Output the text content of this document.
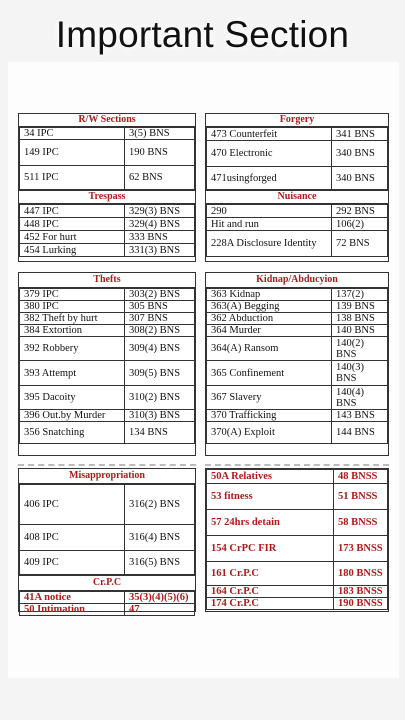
Important Section
R/W Sections
34 IPC	3(5) BNS
149 IPC	190 BNS
511 IPC	62 BNS
Trespass
447 IPC	329(3) BNS
448 IPC	329(4) BNS
452 For hurt	333 BNS
454 Lurking	331(3) BNS
Forgery
473 Counterfeit	341 BNS
470 Electronic	340 BNS
471usingforged	340 BNS
Nuisance
290	292 BNS
Hit and run	106(2)
228A Disclosure Identity	72 BNS
Thefts
379 IPC	303(2) BNS
380 IPC	305 BNS
382 Theft by hurt	307 BNS
384 Extortion	308(2) BNS
392 Robbery	309(4) BNS
393 Attempt	309(5) BNS
395 Dacoity	310(2) BNS
396 Out.by Murder	310(3) BNS
356 Snatching	134 BNS
Kidnap/Abducyion
363 Kidnap	137(2)
363(A) Begging	139 BNS
362 Abduction	138 BNS
364 Murder	140 BNS
364(A) Ransom	140(2) BNS
365 Confinement	140(3) BNS
367 Slavery	140(4) BNS
370 Trafficking	143 BNS
370(A) Exploit	144 BNS
Misappropriation
406 IPC	316(2) BNS
408 IPC	316(4) BNS
409 IPC	316(5) BNS
Cr.P.C
41A notice	35(3)(4)(5)(6)
50 Intimation	47
50A Relatives	48 BNSS
53 fitness	51 BNSS
57 24hrs detain	58 BNSS
154 CrPC FIR	173 BNSS
161 Cr.P.C	180 BNSS
164 Cr.P.C	183 BNSS
174 Cr.P.C	190 BNSS
